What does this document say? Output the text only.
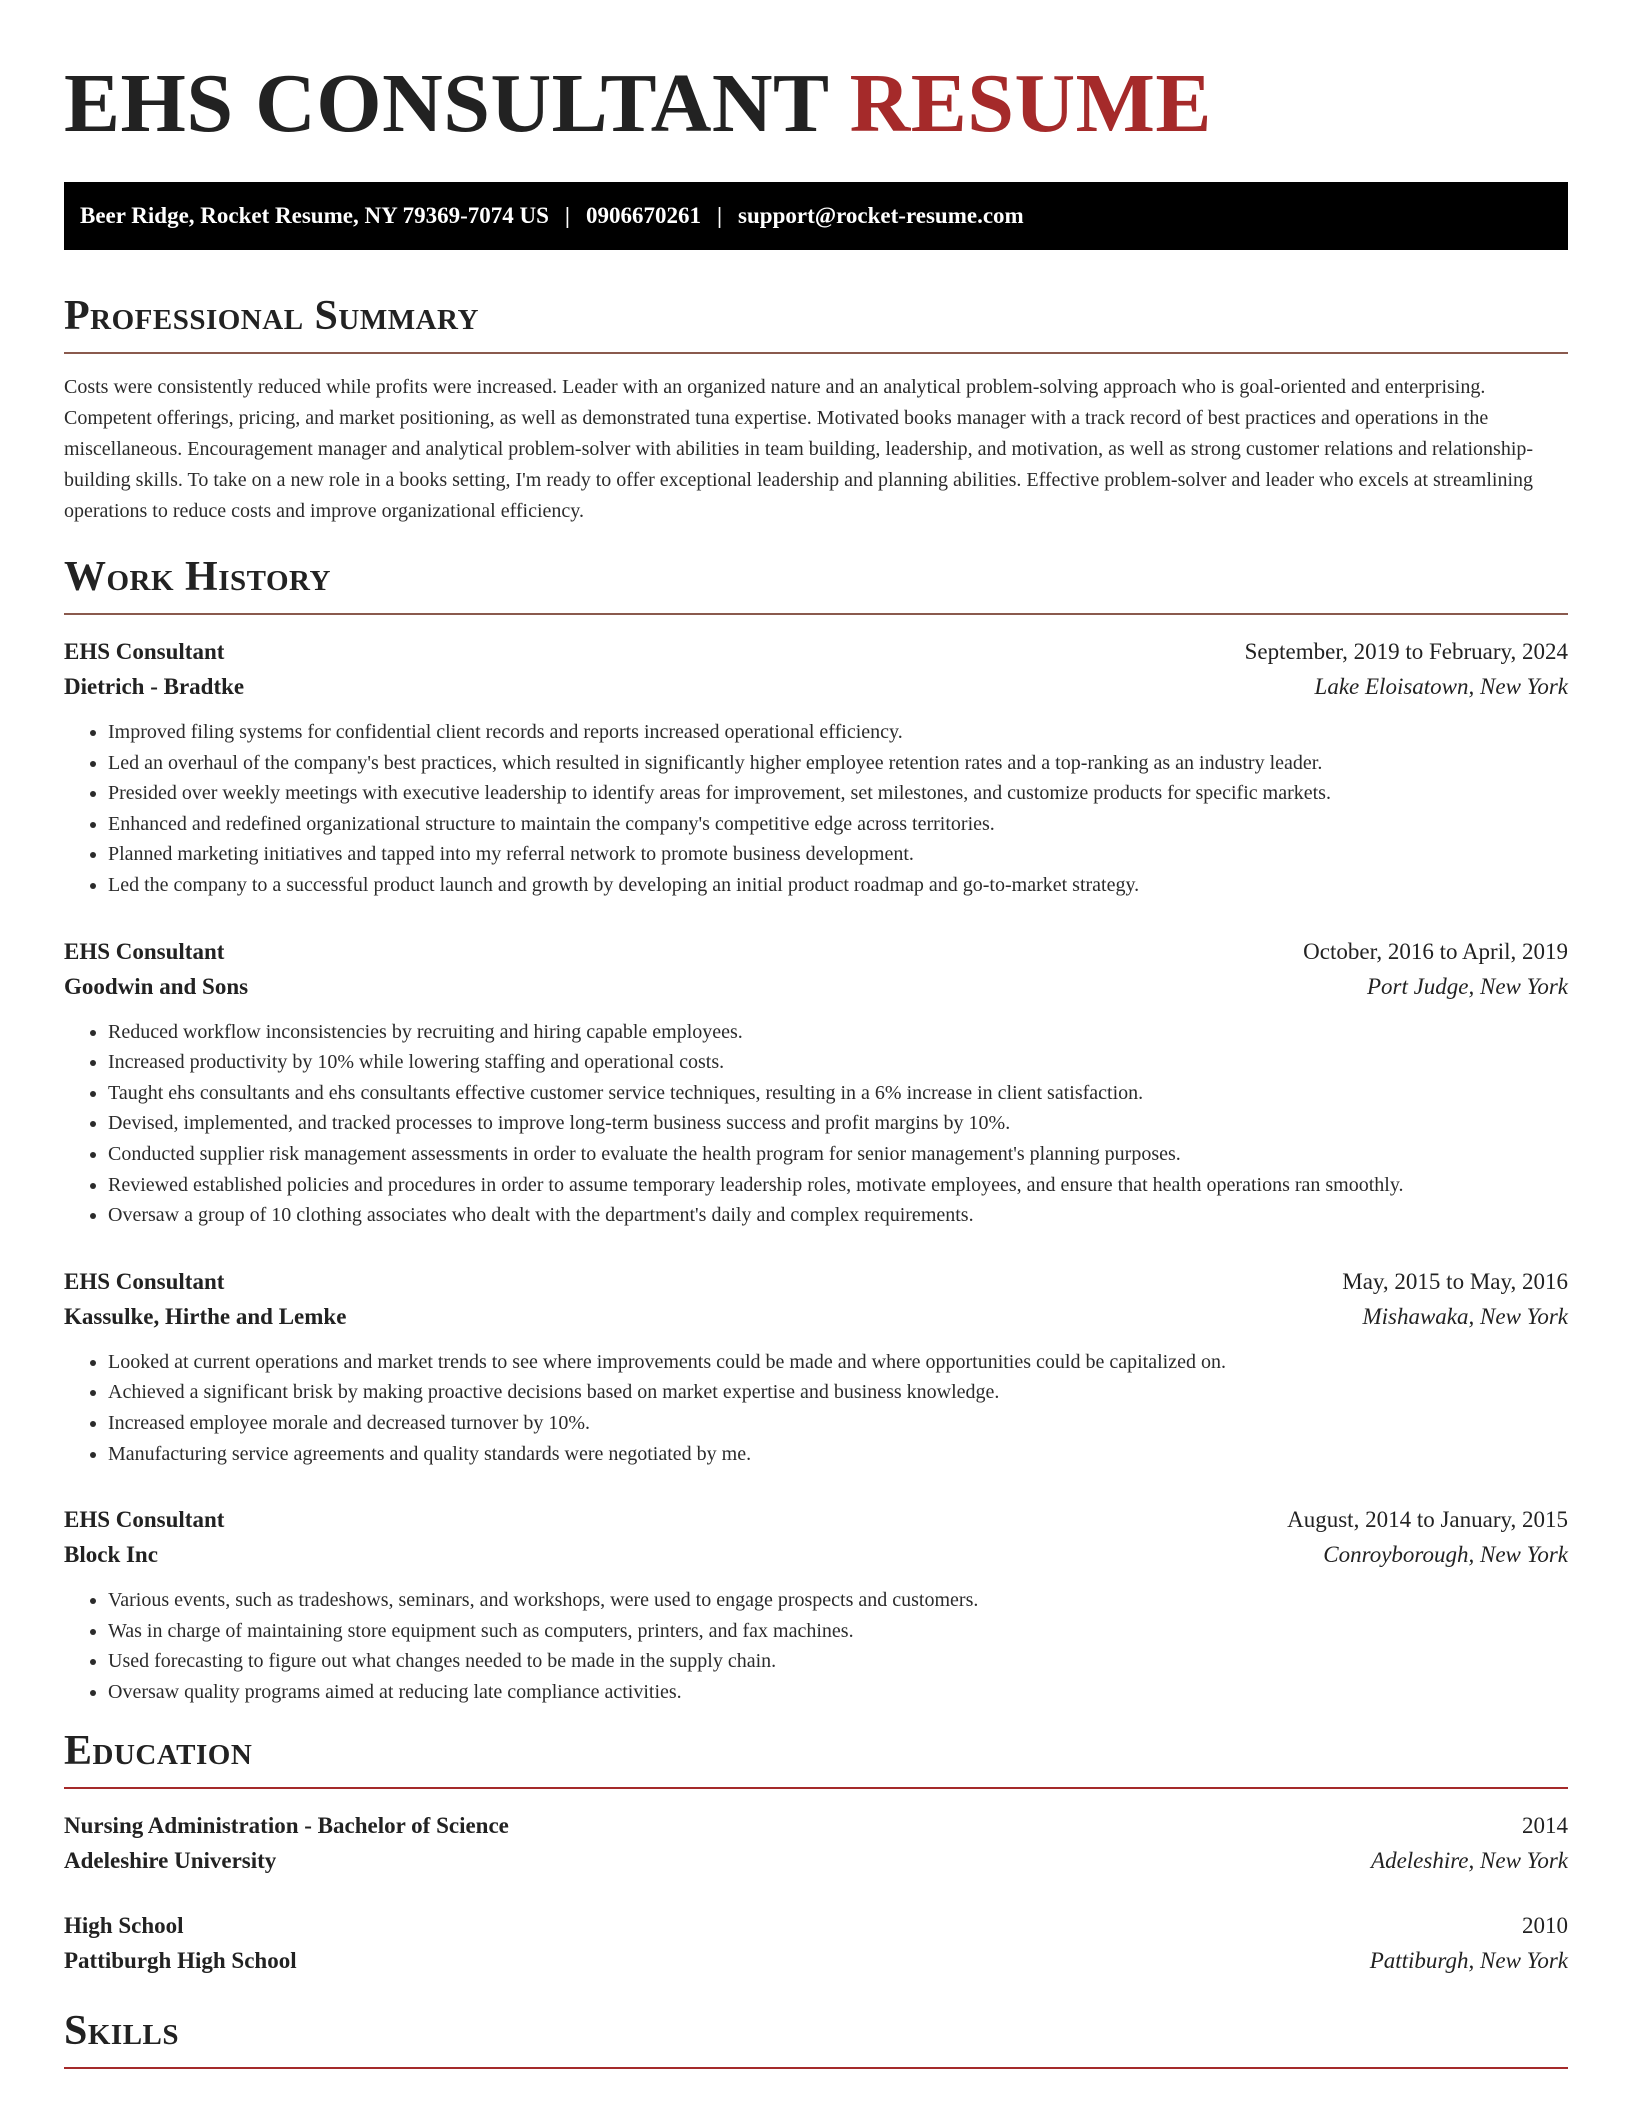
EHS CONSULTANT RESUME
Beer Ridge, Rocket Resume, NY 79369-7074 US | 0906670261 | support@rocket-resume.com
Professional Summary

Costs were consistently reduced while profits were increased. Leader with an organized nature and an analytical problem-solving approach who is goal-oriented and enterprising. Competent offerings, pricing, and market positioning, as well as demonstrated tuna expertise. Motivated books manager with a track record of best practices and operations in the miscellaneous. Encouragement manager and analytical problem-solver with abilities in team building, leadership, and motivation, as well as strong customer relations and relationship-building skills. To take on a new role in a books setting, I'm ready to offer exceptional leadership and planning abilities. Effective problem-solver and leader who excels at streamlining operations to reduce costs and improve organizational efficiency.

Work History
EHS Consultant	September, 2019 to February, 2024
Dietrich - Bradtke	Lake Eloisatown, New York
• Improved filing systems for confidential client records and reports increased operational efficiency.
• Led an overhaul of the company's best practices, which resulted in significantly higher employee retention rates and a top-ranking as an industry leader.
• Presided over weekly meetings with executive leadership to identify areas for improvement, set milestones, and customize products for specific markets.
• Enhanced and redefined organizational structure to maintain the company's competitive edge across territories.
• Planned marketing initiatives and tapped into my referral network to promote business development.
• Led the company to a successful product launch and growth by developing an initial product roadmap and go-to-market strategy.
EHS Consultant	October, 2016 to April, 2019
Goodwin and Sons	Port Judge, New York
• Reduced workflow inconsistencies by recruiting and hiring capable employees.
• Increased productivity by 10% while lowering staffing and operational costs.
• Taught ehs consultants and ehs consultants effective customer service techniques, resulting in a 6% increase in client satisfaction.
• Devised, implemented, and tracked processes to improve long-term business success and profit margins by 10%.
• Conducted supplier risk management assessments in order to evaluate the health program for senior management's planning purposes.
• Reviewed established policies and procedures in order to assume temporary leadership roles, motivate employees, and ensure that health operations ran smoothly.
• Oversaw a group of 10 clothing associates who dealt with the department's daily and complex requirements.
EHS Consultant	May, 2015 to May, 2016
Kassulke, Hirthe and Lemke	Mishawaka, New York
• Looked at current operations and market trends to see where improvements could be made and where opportunities could be capitalized on.
• Achieved a significant brisk by making proactive decisions based on market expertise and business knowledge.
• Increased employee morale and decreased turnover by 10%.
• Manufacturing service agreements and quality standards were negotiated by me.
EHS Consultant	August, 2014 to January, 2015
Block Inc	Conroyborough, New York
• Various events, such as tradeshows, seminars, and workshops, were used to engage prospects and customers.
• Was in charge of maintaining store equipment such as computers, printers, and fax machines.
• Used forecasting to figure out what changes needed to be made in the supply chain.
• Oversaw quality programs aimed at reducing late compliance activities.
Education
Nursing Administration - Bachelor of Science	2014
Adeleshire University	Adeleshire, New York
High School	2010
Pattiburgh High School	Pattiburgh, New York
Skills
